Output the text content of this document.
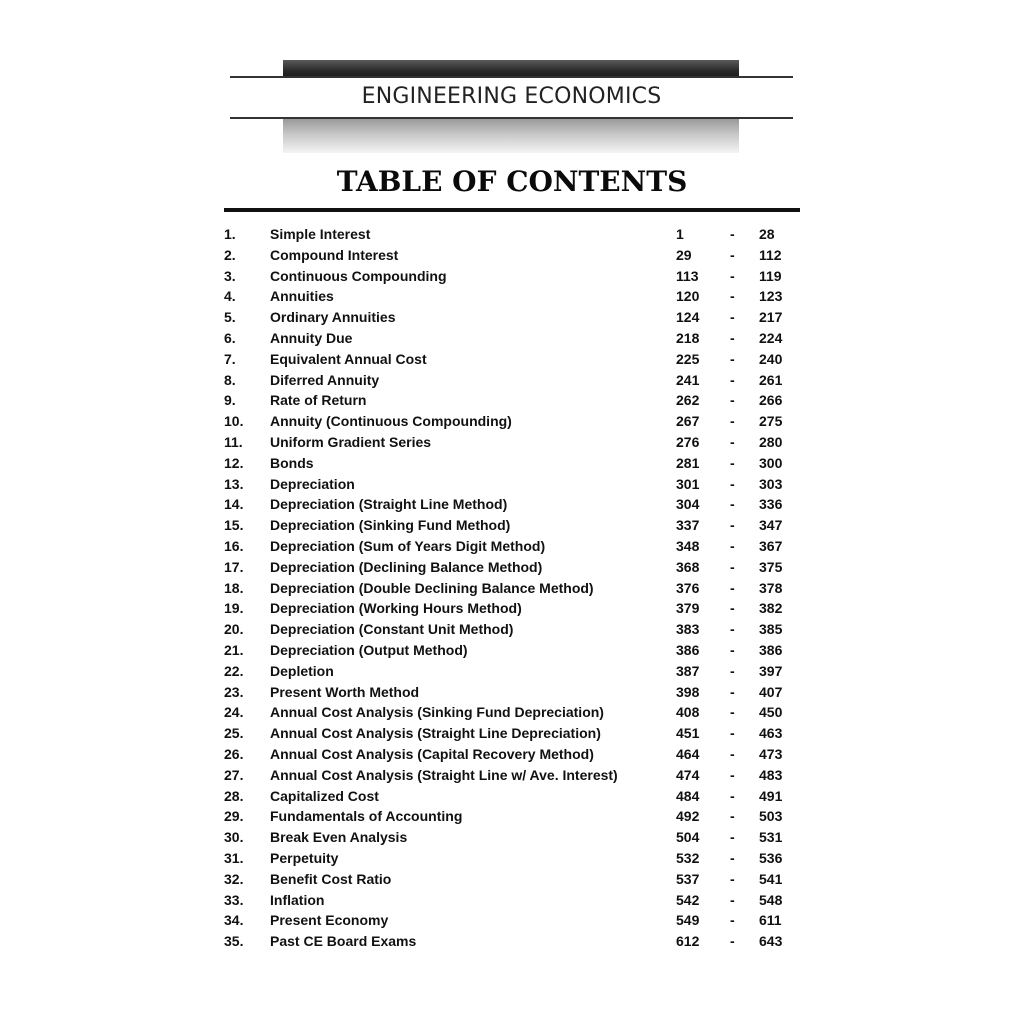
ENGINEERING ECONOMICS
TABLE OF CONTENTS
1. Simple Interest	1	- 28
2. Compound Interest	29	- 112
3. Continuous Compounding	113 - 119
4. Annuities	120 - 123
5. Ordinary Annuities	124 - 217
6. Annuity Due	218 - 224
7. Equivalent Annual Cost	225 - 240
8. Diferred Annuity	241 - 261
9. Rate of Return	262 - 266
10. Annuity (Continuous Compounding)	267 - 275
11. Uniform Gradient Series	276 - 280
12. Bonds	281 - 300
13. Depreciation	301 - 303
14. Depreciation (Straight Line Method)	304 - 336
15. Depreciation (Sinking Fund Method)	337 - 347
16. Depreciation (Sum of Years Digit Method)	348 - 367
17. Depreciation (Declining Balance Method)	368 - 375
18. Depreciation (Double Declining Balance Method)	376 - 378
19. Depreciation (Working Hours Method)	379 - 382
20. Depreciation (Constant Unit Method)	383 - 385
21. Depreciation (Output Method)	386 - 386
22. Depletion	387 - 397
23. Present Worth Method	398 - 407
24. Annual Cost Analysis (Sinking Fund Depreciation)	408 - 450
25. Annual Cost Analysis (Straight Line Depreciation)	451 - 463
26. Annual Cost Analysis (Capital Recovery Method)	464 - 473
27. Annual Cost Analysis (Straight Line w/ Ave. Interest)	474 - 483
28. Capitalized Cost	484 - 491
29. Fundamentals of Accounting	492 - 503
30. Break Even Analysis	504 - 531
31. Perpetuity	532 - 536
32. Benefit Cost Ratio	537 - 541
33. Inflation	542 - 548
34. Present Economy	549 - 611
35. Past CE Board Exams	612 - 643
